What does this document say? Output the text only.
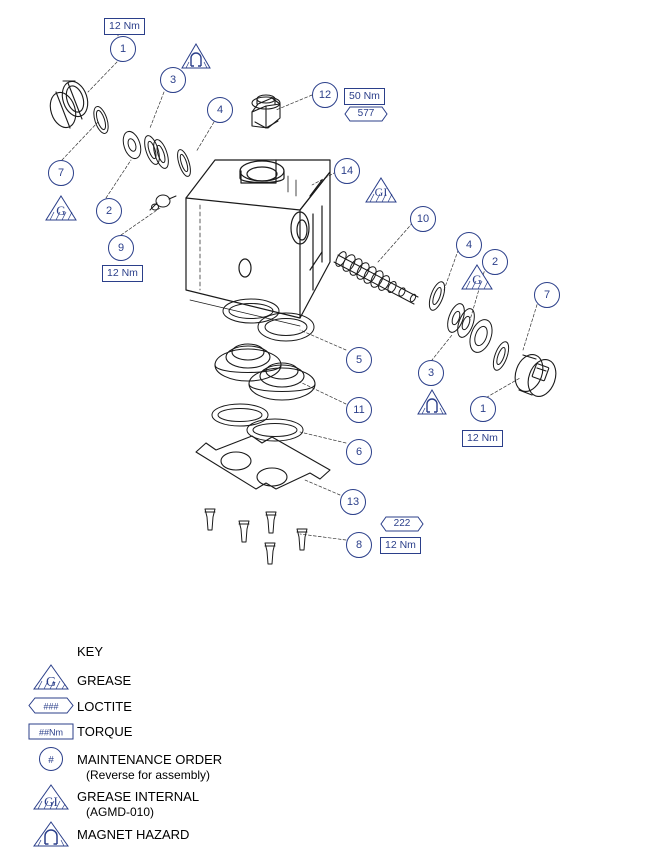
1
3
4
12
7
2
9
14
10
4
2
7
3
1
5
11
6
13
8
12 Nm
50 Nm
12 Nm
12 Nm
12 Nm
577
222
G
G
GI
KEY
G GREASE
### LOCTITE
##Nm TORQUE
# MAINTENANCE ORDER
(Reverse for assembly)
GI GREASE INTERNAL
(AGMD-010)
MAGNET HAZARD
